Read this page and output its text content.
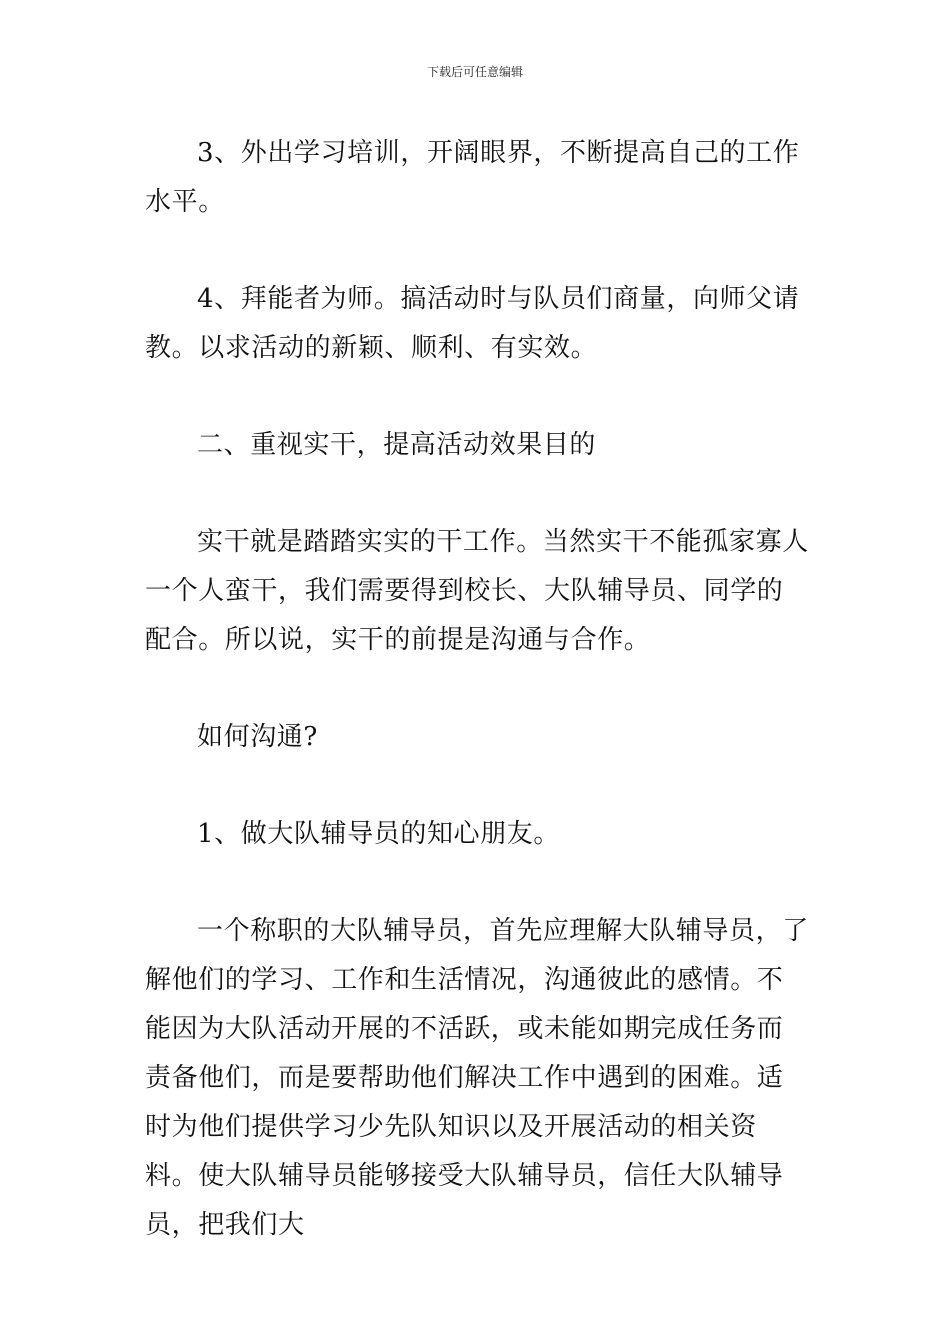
下载后可任意编辑

3、外出学习培训，开阔眼界，不断提高自己的工作水平。

4、拜能者为师。搞活动时与队员们商量，向师父请教。以求活动的新颖、顺利、有实效。

二、重视实干，提高活动效果目的

实干就是踏踏实实的干工作。当然实干不能孤家寡人一个人蛮干，我们需要得到校长、大队辅导员、同学的配合。所以说，实干的前提是沟通与合作。

如何沟通?

1、做大队辅导员的知心朋友。

一个称职的大队辅导员，首先应理解大队辅导员，了解他们的学习、工作和生活情况，沟通彼此的感情。不能因为大队活动开展的不活跃，或未能如期完成任务而责备他们，而是要帮助他们解决工作中遇到的困难。适时为他们提供学习少先队知识以及开展活动的相关资料。使大队辅导员能够接受大队辅导员，信任大队辅导员，把我们大
